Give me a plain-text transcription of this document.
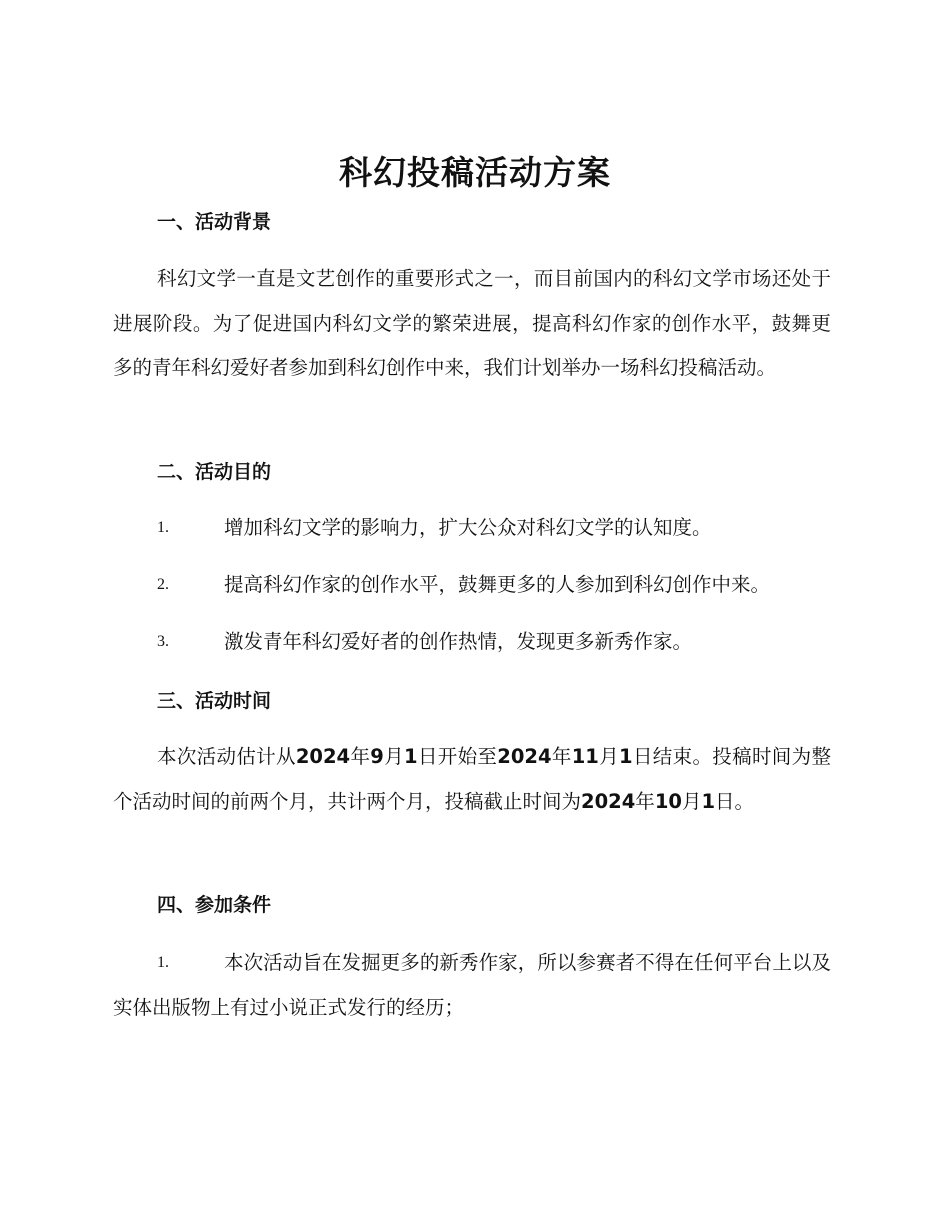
科幻投稿活动方案
一、活动背景

科幻文学一直是文艺创作的重要形式之一，而目前国内的科幻文学市场还处于进展阶段。为了促进国内科幻文学的繁荣进展，提高科幻作家的创作水平，鼓舞更多的青年科幻爱好者参加到科幻创作中来，我们计划举办一场科幻投稿活动。

二、活动目的
1.	增加科幻文学的影响力，扩大公众对科幻文学的认知度。
2.	提高科幻作家的创作水平，鼓舞更多的人参加到科幻创作中来。
3.	激发青年科幻爱好者的创作热情，发现更多新秀作家。
三、活动时间

本次活动估计从2024年9月1日开始至2024年11月1日结束。投稿时间为整个活动时间的前两个月，共计两个月，投稿截止时间为2024年10月1日。

四、参加条件

1.	本次活动旨在发掘更多的新秀作家，所以参赛者不得在任何平台上以及实体出版物上有过小说正式发行的经历；
